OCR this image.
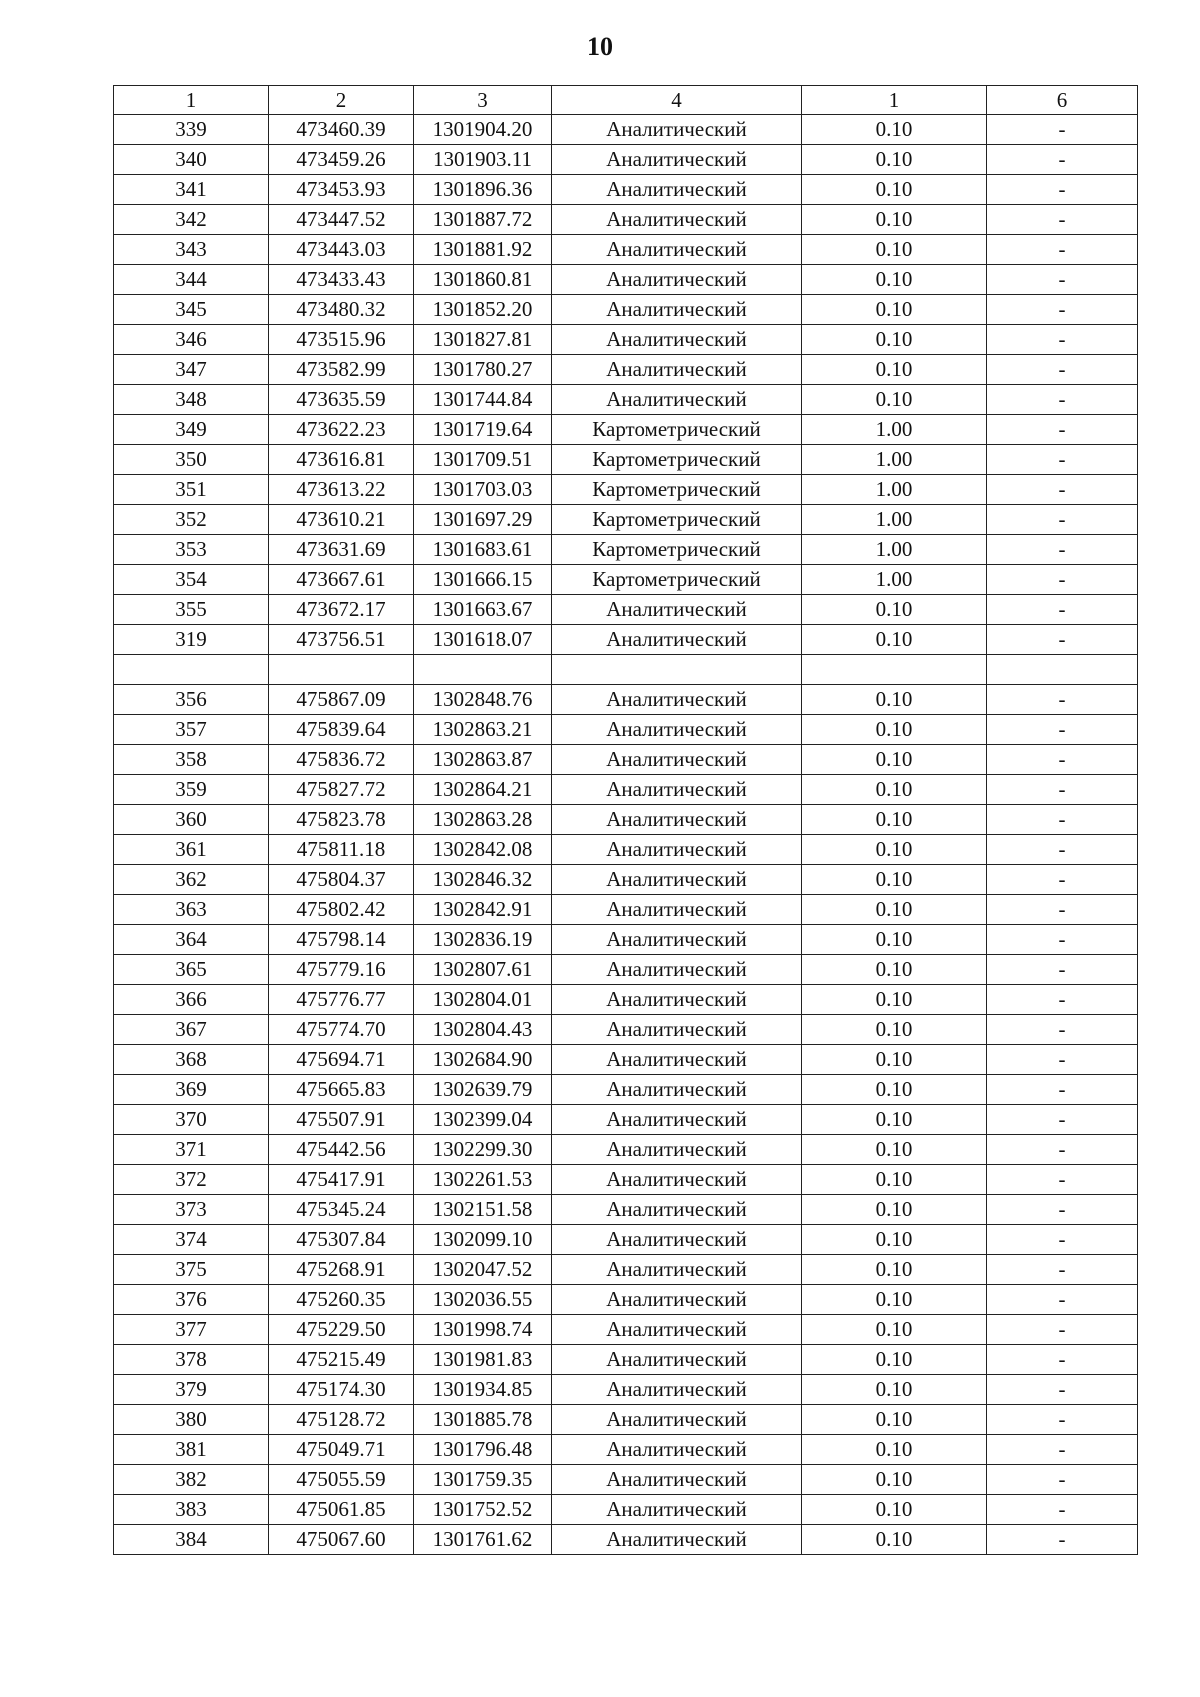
10
1	2	3	4	1	6
339	473460.39	1301904.20	Аналитический	0.10	-
340	473459.26	1301903.11	Аналитический	0.10	-
341	473453.93	1301896.36	Аналитический	0.10	-
342	473447.52	1301887.72	Аналитический	0.10	-
343	473443.03	1301881.92	Аналитический	0.10	-
344	473433.43	1301860.81	Аналитический	0.10	-
345	473480.32	1301852.20	Аналитический	0.10	-
346	473515.96	1301827.81	Аналитический	0.10	-
347	473582.99	1301780.27	Аналитический	0.10	-
348	473635.59	1301744.84	Аналитический	0.10	-
349	473622.23	1301719.64	Картометрический	1.00	-
350	473616.81	1301709.51	Картометрический	1.00	-
351	473613.22	1301703.03	Картометрический	1.00	-
352	473610.21	1301697.29	Картометрический	1.00	-
353	473631.69	1301683.61	Картометрический	1.00	-
354	473667.61	1301666.15	Картометрический	1.00	-
355	473672.17	1301663.67	Аналитический	0.10	-
319	473756.51	1301618.07	Аналитический	0.10	-

356	475867.09	1302848.76	Аналитический	0.10	-
357	475839.64	1302863.21	Аналитический	0.10	-
358	475836.72	1302863.87	Аналитический	0.10	-
359	475827.72	1302864.21	Аналитический	0.10	-
360	475823.78	1302863.28	Аналитический	0.10	-
361	475811.18	1302842.08	Аналитический	0.10	-
362	475804.37	1302846.32	Аналитический	0.10	-
363	475802.42	1302842.91	Аналитический	0.10	-
364	475798.14	1302836.19	Аналитический	0.10	-
365	475779.16	1302807.61	Аналитический	0.10	-
366	475776.77	1302804.01	Аналитический	0.10	-
367	475774.70	1302804.43	Аналитический	0.10	-
368	475694.71	1302684.90	Аналитический	0.10	-
369	475665.83	1302639.79	Аналитический	0.10	-
370	475507.91	1302399.04	Аналитический	0.10	-
371	475442.56	1302299.30	Аналитический	0.10	-
372	475417.91	1302261.53	Аналитический	0.10	-
373	475345.24	1302151.58	Аналитический	0.10	-
374	475307.84	1302099.10	Аналитический	0.10	-
375	475268.91	1302047.52	Аналитический	0.10	-
376	475260.35	1302036.55	Аналитический	0.10	-
377	475229.50	1301998.74	Аналитический	0.10	-
378	475215.49	1301981.83	Аналитический	0.10	-
379	475174.30	1301934.85	Аналитический	0.10	-
380	475128.72	1301885.78	Аналитический	0.10	-
381	475049.71	1301796.48	Аналитический	0.10	-
382	475055.59	1301759.35	Аналитический	0.10	-
383	475061.85	1301752.52	Аналитический	0.10	-
384	475067.60	1301761.62	Аналитический	0.10	-
